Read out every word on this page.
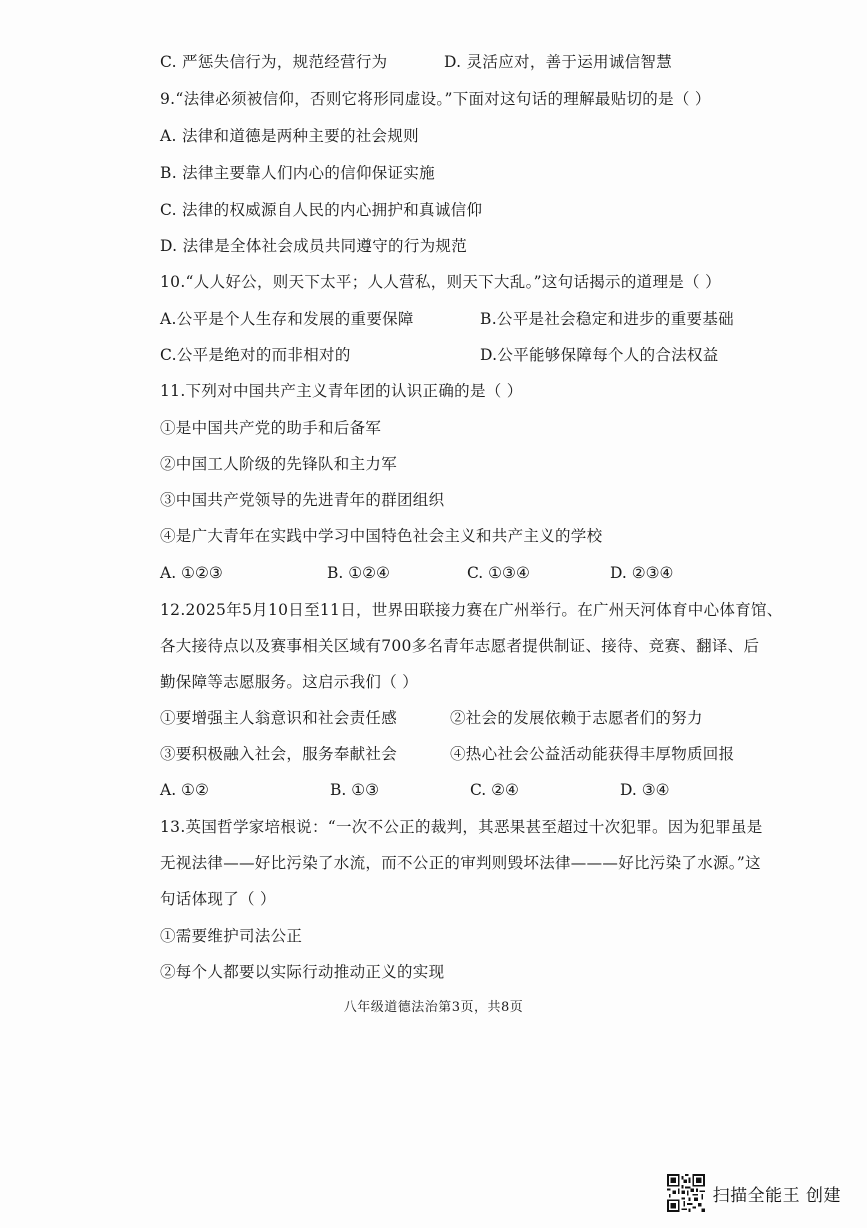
C. 严惩失信行为，规范经营行为	D. 灵活应对，善于运用诚信智慧
9.“法律必须被信仰，否则它将形同虚设。”下面对这句话的理解最贴切的是（ ）
A. 法律和道德是两种主要的社会规则
B. 法律主要靠人们内心的信仰保证实施
C. 法律的权威源自人民的内心拥护和真诚信仰
D. 法律是全体社会成员共同遵守的行为规范
10.“人人好公，则天下太平；人人营私，则天下大乱。”这句话揭示的道理是（ ）
A.公平是个人生存和发展的重要保障	B.公平是社会稳定和进步的重要基础
C.公平是绝对的而非相对的	D.公平能够保障每个人的合法权益
11.下列对中国共产主义青年团的认识正确的是（ ）
①是中国共产党的助手和后备军
②中国工人阶级的先锋队和主力军
③中国共产党领导的先进青年的群团组织
④是广大青年在实践中学习中国特色社会主义和共产主义的学校
A. ①②③	B. ①②④	C. ①③④	D. ②③④
12.2025年5月10日至11日，世界田联接力赛在广州举行。在广州天河体育中心体育馆、
各大接待点以及赛事相关区域有700多名青年志愿者提供制证、接待、竞赛、翻译、后
勤保障等志愿服务。这启示我们（ ）
①要增强主人翁意识和社会责任感	②社会的发展依赖于志愿者们的努力
③要积极融入社会，服务奉献社会	④热心社会公益活动能获得丰厚物质回报
A. ①②	B. ①③	C. ②④	D. ③④
13.英国哲学家培根说：“一次不公正的裁判，其恶果甚至超过十次犯罪。因为犯罪虽是
无视法律——好比污染了水流，而不公正的审判则毁坏法律———好比污染了水源。”这
句话体现了（ ）
①需要维护司法公正
②每个人都要以实际行动推动正义的实现
八年级道德法治第3页，共8页
扫描全能王 创建
